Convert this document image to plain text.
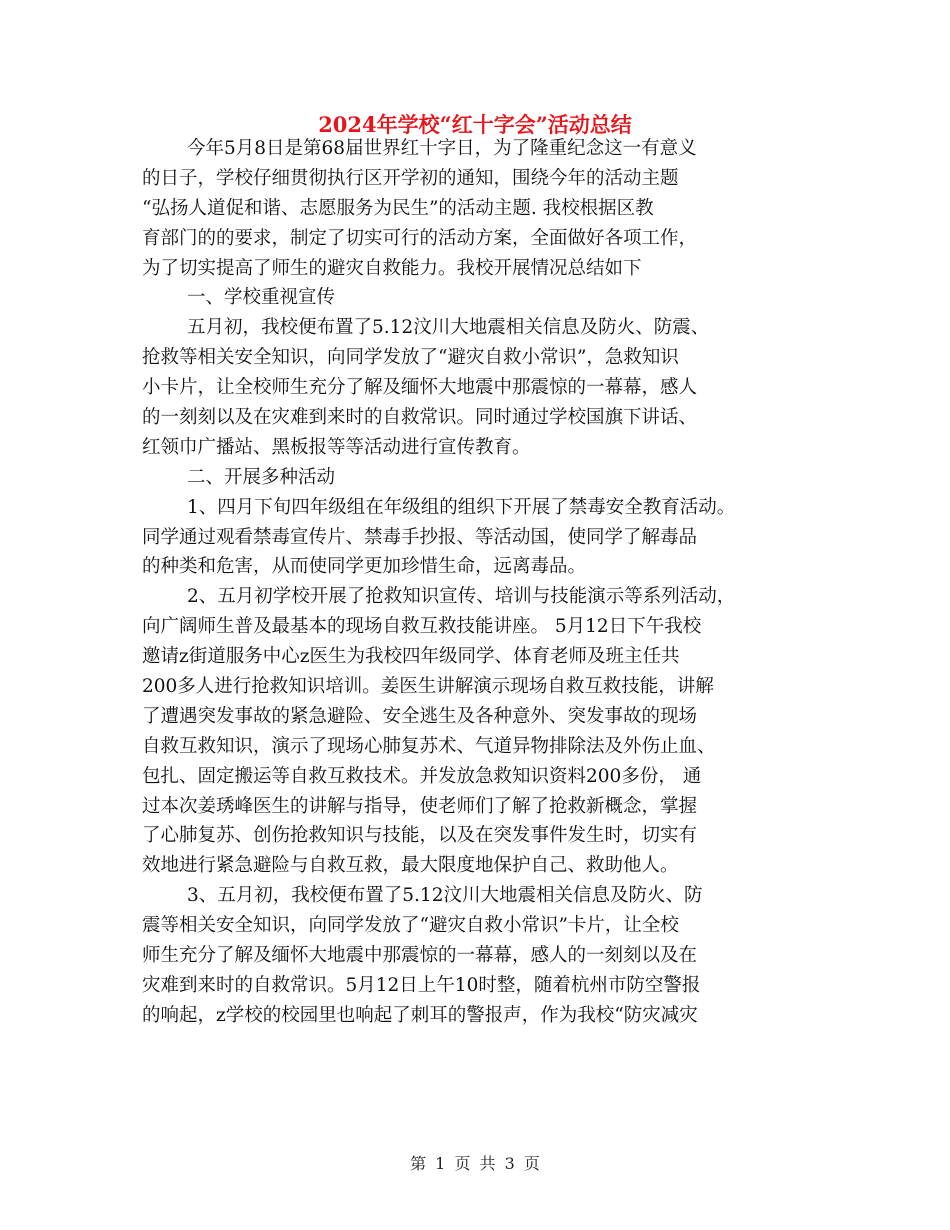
2024年学校“红十字会”活动总结
今年5月8日是第68届世界红十字日，为了隆重纪念这一有意义
的日子，学校仔细贯彻执行区开学初的通知，围绕今年的活动主题
“弘扬人道促和谐、志愿服务为民生”的活动主题. 我校根据区教
育部门的的要求，制定了切实可行的活动方案，全面做好各项工作，
为了切实提高了师生的避灾自救能力。我校开展情况总结如下
一、学校重视宣传
五月初，我校便布置了5.12汶川大地震相关信息及防火、防震、
抢救等相关安全知识，向同学发放了“避灾自救小常识”，急救知识
小卡片，让全校师生充分了解及缅怀大地震中那震惊的一幕幕，感人
的一刻刻以及在灾难到来时的自救常识。同时通过学校国旗下讲话、
红领巾广播站、黑板报等等活动进行宣传教育。
二、开展多种活动
1、四月下旬四年级组在年级组的组织下开展了禁毒安全教育活动。
同学通过观看禁毒宣传片、禁毒手抄报、等活动国，使同学了解毒品
的种类和危害，从而使同学更加珍惜生命，远离毒品。
2、五月初学校开展了抢救知识宣传、培训与技能演示等系列活动，
向广阔师生普及最基本的现场自救互救技能讲座。 5月12日下午我校
邀请z街道服务中心z医生为我校四年级同学、体育老师及班主任共
200多人进行抢救知识培训。姜医生讲解演示现场自救互救技能，讲解
了遭遇突发事故的紧急避险、安全逃生及各种意外、突发事故的现场
自救互救知识，演示了现场心肺复苏术、气道异物排除法及外伤止血、
包扎、固定搬运等自救互救技术。并发放急救知识资料200多份， 通
过本次姜琇峰医生的讲解与指导，使老师们了解了抢救新概念，掌握
了心肺复苏、创伤抢救知识与技能，以及在突发事件发生时，切实有
效地进行紧急避险与自救互救，最大限度地保护自己、救助他人。
3、五月初，我校便布置了5.12汶川大地震相关信息及防火、防
震等相关安全知识，向同学发放了“避灾自救小常识”卡片，让全校
师生充分了解及缅怀大地震中那震惊的一幕幕，感人的一刻刻以及在
灾难到来时的自救常识。5月12日上午10时整，随着杭州市防空警报
的响起，z学校的校园里也响起了刺耳的警报声，作为我校“防灾减灾
第 1 页 共 3 页
